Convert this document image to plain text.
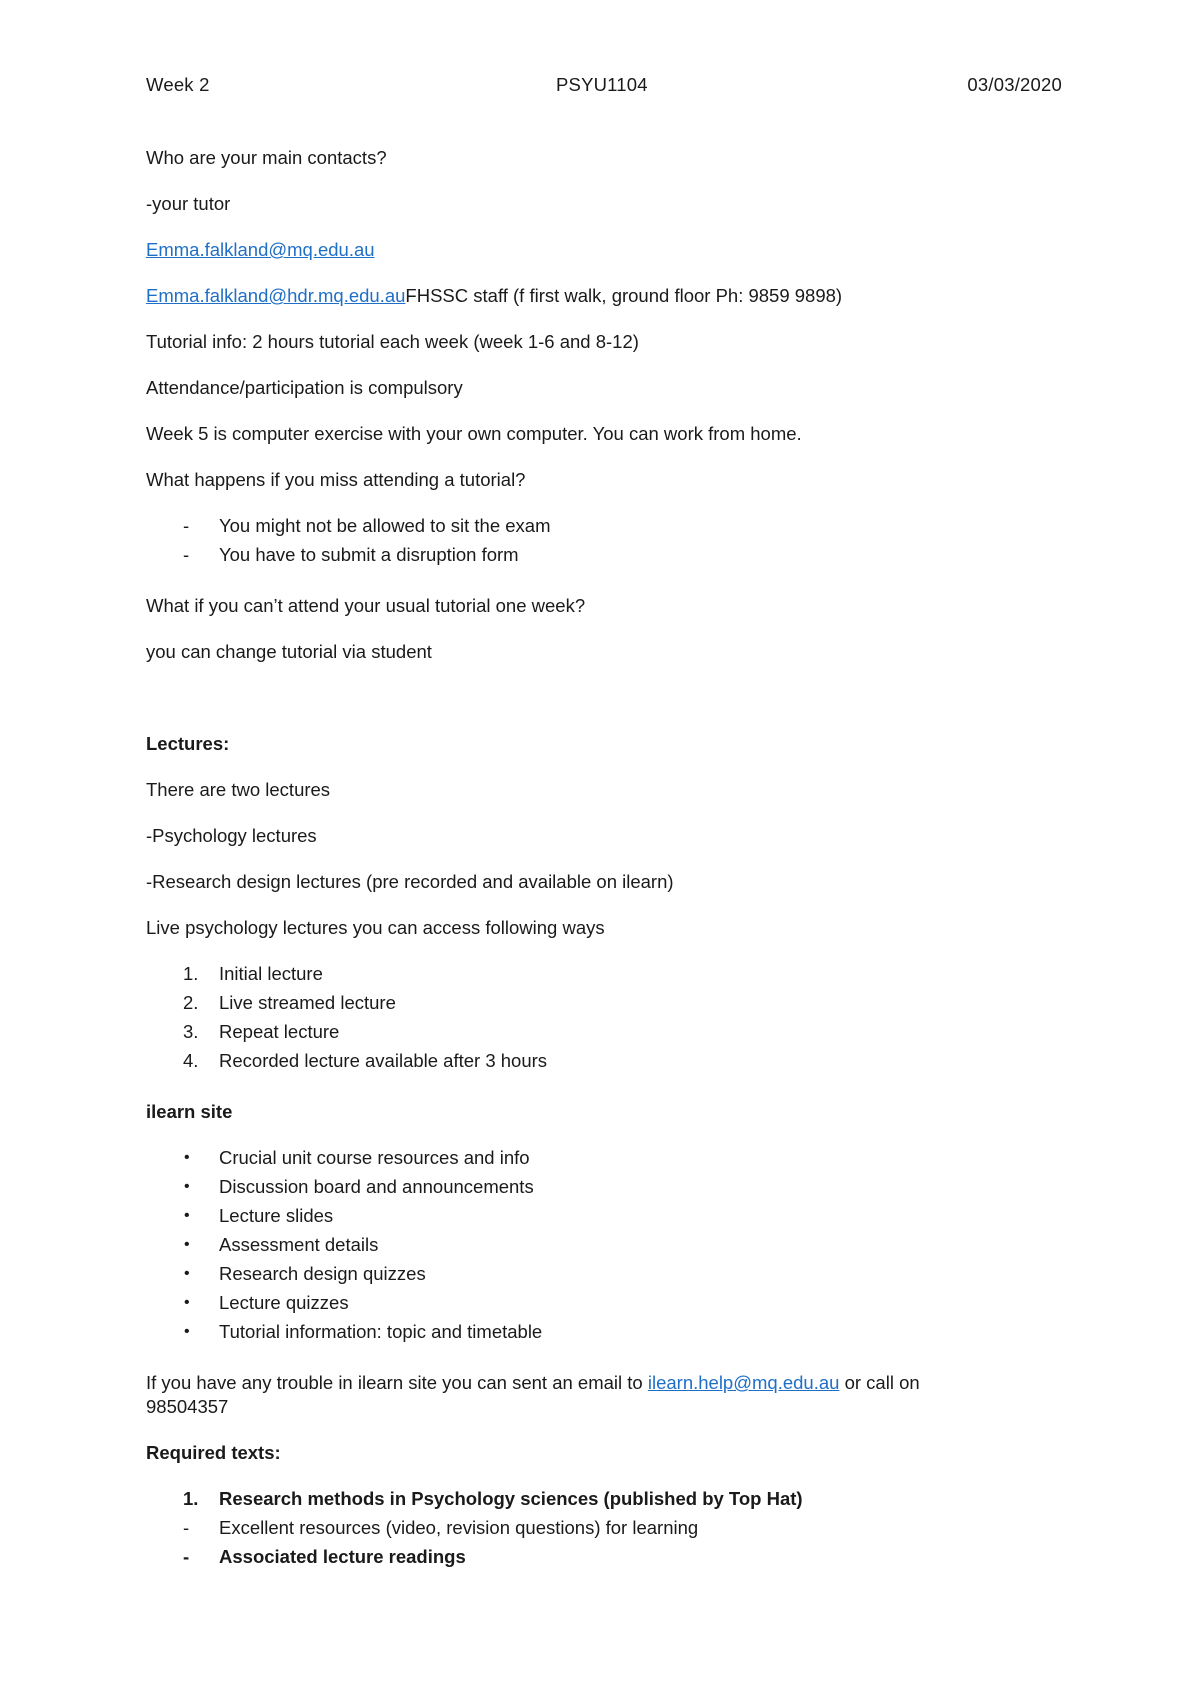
Week 2	PSYU1104	03/03/2020

Who are your main contacts?

-your tutor

Emma.falkland@mq.edu.au

Emma.falkland@hdr.mq.edu.auFHSSC staff (f first walk, ground floor Ph: 9859 9898)

Tutorial info: 2 hours tutorial each week (week 1-6 and 8-12)

Attendance/participation is compulsory

Week 5 is computer exercise with your own computer. You can work from home.

What happens if you miss attending a tutorial?

- You might not be allowed to sit the exam
- You have to submit a disruption form

What if you can’t attend your usual tutorial one week?

you can change tutorial via student

Lectures:

There are two lectures

-Psychology lectures

-Research design lectures (pre recorded and available on ilearn)

Live psychology lectures you can access following ways

1. Initial lecture
2. Live streamed lecture
3. Repeat lecture
4. Recorded lecture available after 3 hours

ilearn site

• Crucial unit course resources and info
• Discussion board and announcements
• Lecture slides
• Assessment details
• Research design quizzes
• Lecture quizzes
• Tutorial information: topic and timetable

If you have any trouble in ilearn site you can sent an email to ilearn.help@mq.edu.au or call on
98504357

Required texts:

1. Research methods in Psychology sciences (published by Top Hat)
- Excellent resources (video, revision questions) for learning
- Associated lecture readings
